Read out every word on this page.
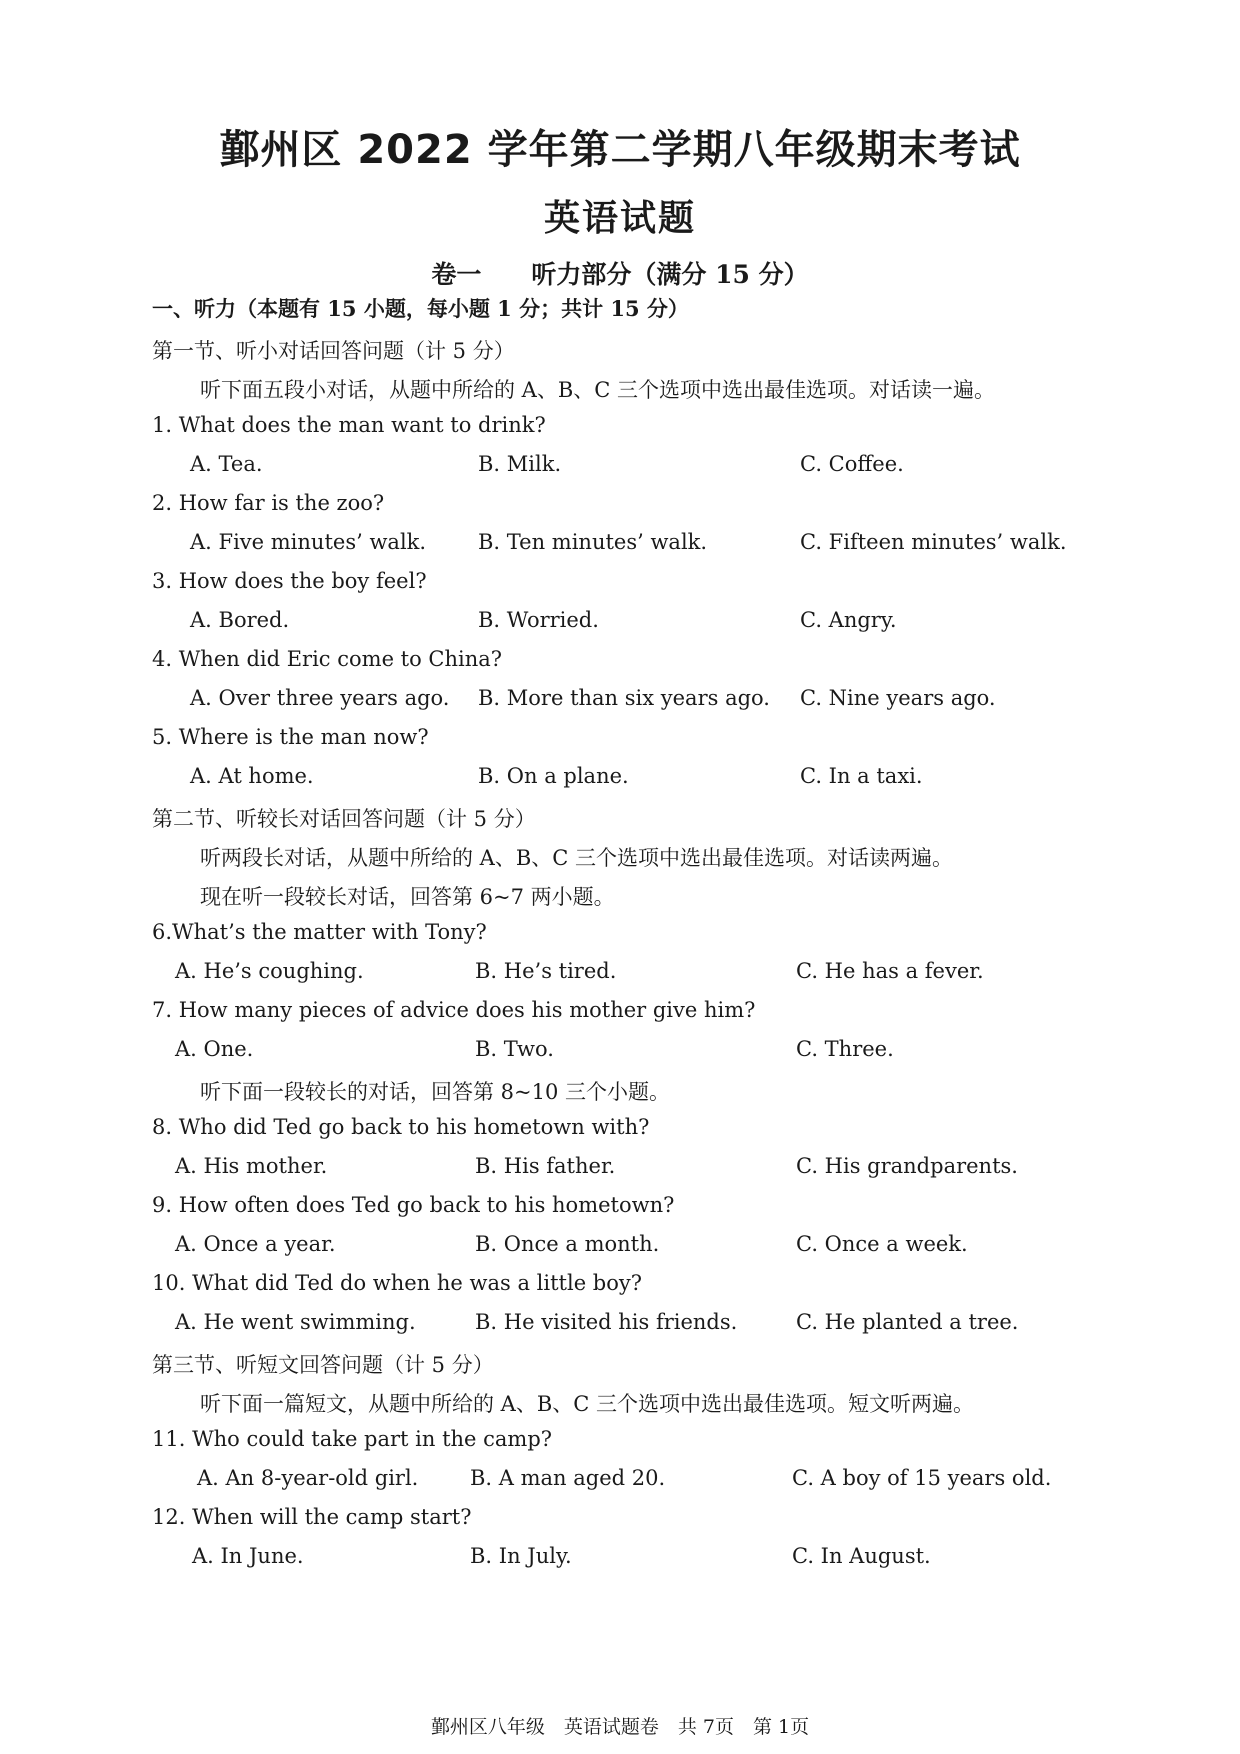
鄞州区 2022 学年第二学期八年级期末考试
英语试题
卷一　　听力部分（满分 15 分）
一、听力（本题有 15 小题，每小题 1 分；共计 15 分）
第一节、听小对话回答问题（计 5 分）
听下面五段小对话，从题中所给的 A、B、C 三个选项中选出最佳选项。对话读一遍。
1. What does the man want to drink?
A. Tea.	B. Milk.	C. Coffee.
2. How far is the zoo?
A. Five minutes’ walk. B. Ten minutes’ walk.	C. Fifteen minutes’ walk.
3. How does the boy feel?
A. Bored.	B. Worried.	C. Angry.
4. When did Eric come to China?
A. Over three years ago. B. More than six years ago. C. Nine years ago.
5. Where is the man now?
A. At home.	B. On a plane.	C. In a taxi.
第二节、听较长对话回答问题（计 5 分）
听两段长对话，从题中所给的 A、B、C 三个选项中选出最佳选项。对话读两遍。
现在听一段较长对话，回答第 6~7 两小题。
6.What’s the matter with Tony?
A. He’s coughing.	B. He’s tired.	C. He has a fever.
7. How many pieces of advice does his mother give him?
A. One.	B. Two.	C. Three.
听下面一段较长的对话，回答第 8~10 三个小题。
8. Who did Ted go back to his hometown with?
A. His mother.	B. His father.	C. His grandparents.
9. How often does Ted go back to his hometown?
A. Once a year.	B. Once a month.	C. Once a week.
10. What did Ted do when he was a little boy?
A. He went swimming.	B. He visited his friends.	C. He planted a tree.
第三节、听短文回答问题（计 5 分）
听下面一篇短文，从题中所给的 A、B、C 三个选项中选出最佳选项。短文听两遍。
11. Who could take part in the camp?
A. An 8-year-old girl. B. A man aged 20.	C. A boy of 15 years old.
12. When will the camp start?
A. In June.	B. In July.	C. In August.
鄞州区八年级　英语试题卷　共 7页　第 1页
